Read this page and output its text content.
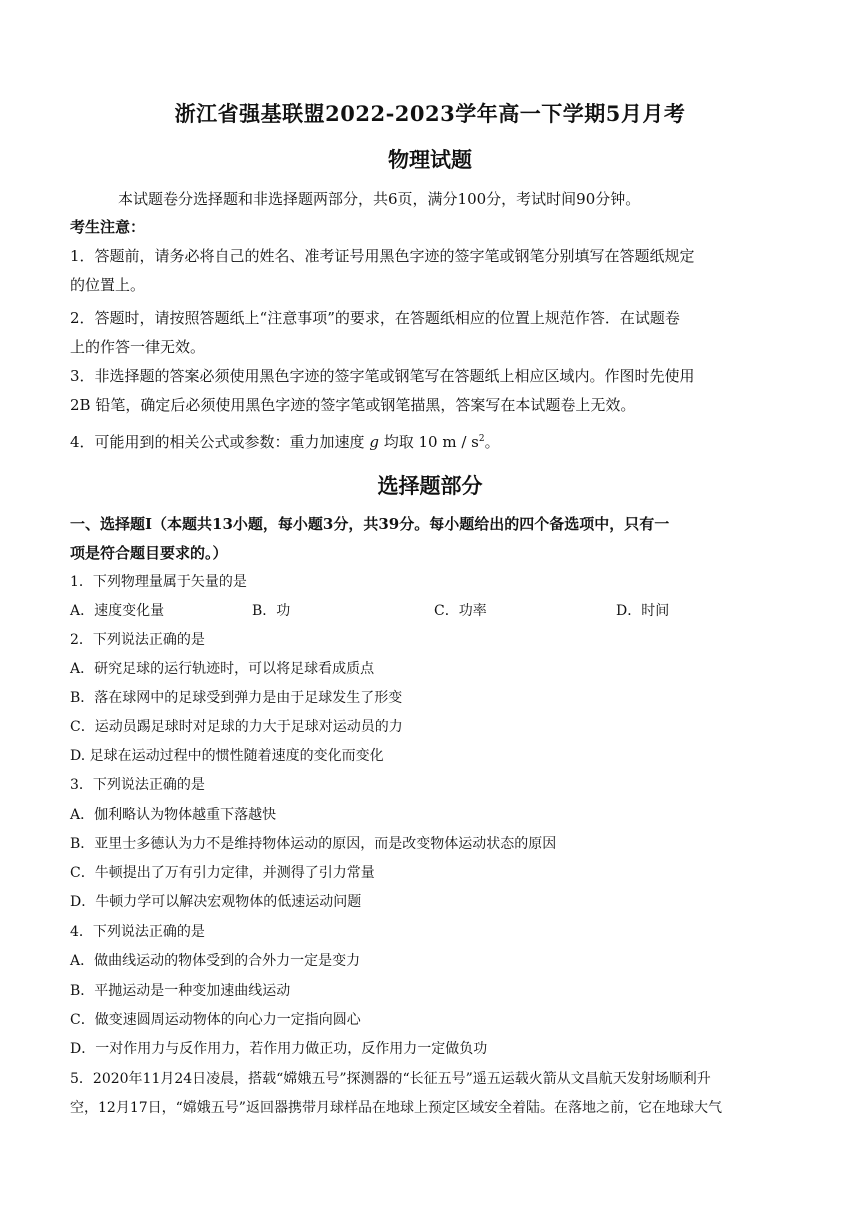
浙江省强基联盟2022-2023学年高一下学期5月月考
物理试题
本试题卷分选择题和非选择题两部分，共6页，满分100分，考试时间90分钟。
考生注意：
1．答题前，请务必将自己的姓名、准考证号用黑色字迹的签字笔或钢笔分别填写在答题纸规定
的位置上。
2．答题时，请按照答题纸上“注意事项”的要求，在答题纸相应的位置上规范作答．在试题卷
上的作答一律无效。
3．非选择题的答案必须使用黑色字迹的签字笔或钢笔写在答题纸上相应区域内。作图时先使用
2B 铅笔，确定后必须使用黑色字迹的签字笔或钢笔描黑，答案写在本试题卷上无效。
4．可能用到的相关公式或参数：重力加速度 g 均取 10 m / $s^2$。
选择题部分
一、选择题Ⅰ（本题共13小题，每小题3分，共39分。每小题给出的四个备选项中，只有一
项是符合题目要求的。）
1．下列物理量属于矢量的是
A．速度变化量	B．功	C．功率	D．时间
2．下列说法正确的是
A．研究足球的运行轨迹时，可以将足球看成质点
B．落在球网中的足球受到弹力是由于足球发生了形变
C．运动员踢足球时对足球的力大于足球对运动员的力
D. 足球在运动过程中的惯性随着速度的变化而变化
3．下列说法正确的是
A．伽利略认为物体越重下落越快
B．亚里士多德认为力不是维持物体运动的原因，而是改变物体运动状态的原因
C．牛顿提出了万有引力定律，并测得了引力常量
D．牛顿力学可以解决宏观物体的低速运动问题
4．下列说法正确的是
A．做曲线运动的物体受到的合外力一定是变力
B．平抛运动是一种变加速曲线运动
C．做变速圆周运动物体的向心力一定指向圆心
D．一对作用力与反作用力，若作用力做正功，反作用力一定做负功
5．2020年11月24日凌晨，搭载“嫦娥五号”探测器的“长征五号”遥五运载火箭从文昌航天发射场顺利升
空，12月17日，“嫦娥五号”返回器携带月球样品在地球上预定区域安全着陆。在落地之前，它在地球大气
